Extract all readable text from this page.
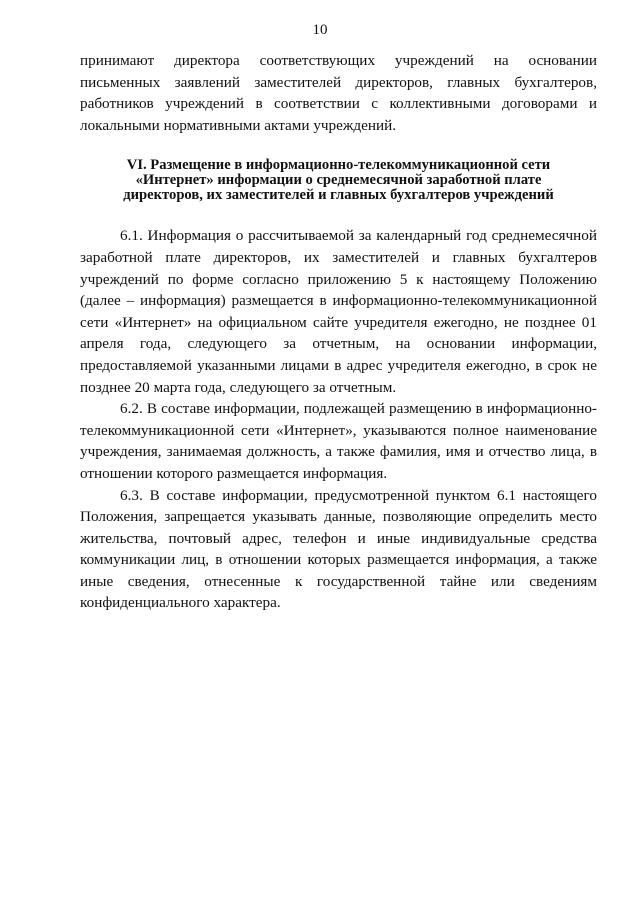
10

принимают директора соответствующих учреждений на основании письменных заявлений заместителей директоров, главных бухгалтеров, работников учреждений в соответствии с коллективными договорами и локальными нормативными актами учреждений.

VI. Размещение в информационно-телекоммуникационной сети
«Интернет» информации о среднемесячной заработной плате
директоров, их заместителей и главных бухгалтеров учреждений

6.1. Информация о рассчитываемой за календарный год среднемесячной заработной плате директоров, их заместителей и главных бухгалтеров учреждений по форме согласно приложению 5 к настоящему Положению (далее – информация) размещается в информационно-телекоммуникационной сети «Интернет» на официальном сайте учредителя ежегодно, не позднее 01 апреля года, следующего за отчетным, на основании информации, предоставляемой указанными лицами в адрес учредителя ежегодно, в срок не позднее 20 марта года, следующего за отчетным.

6.2. В составе информации, подлежащей размещению в информационно-телекоммуникационной сети «Интернет», указываются полное наименование учреждения, занимаемая должность, а также фамилия, имя и отчество лица, в отношении которого размещается информация.

6.3. В составе информации, предусмотренной пунктом 6.1 настоящего Положения, запрещается указывать данные, позволяющие определить место жительства, почтовый адрес, телефон и иные индивидуальные средства коммуникации лиц, в отношении которых размещается информация, а также иные сведения, отнесенные к государственной тайне или сведениям конфиденциального характера.
